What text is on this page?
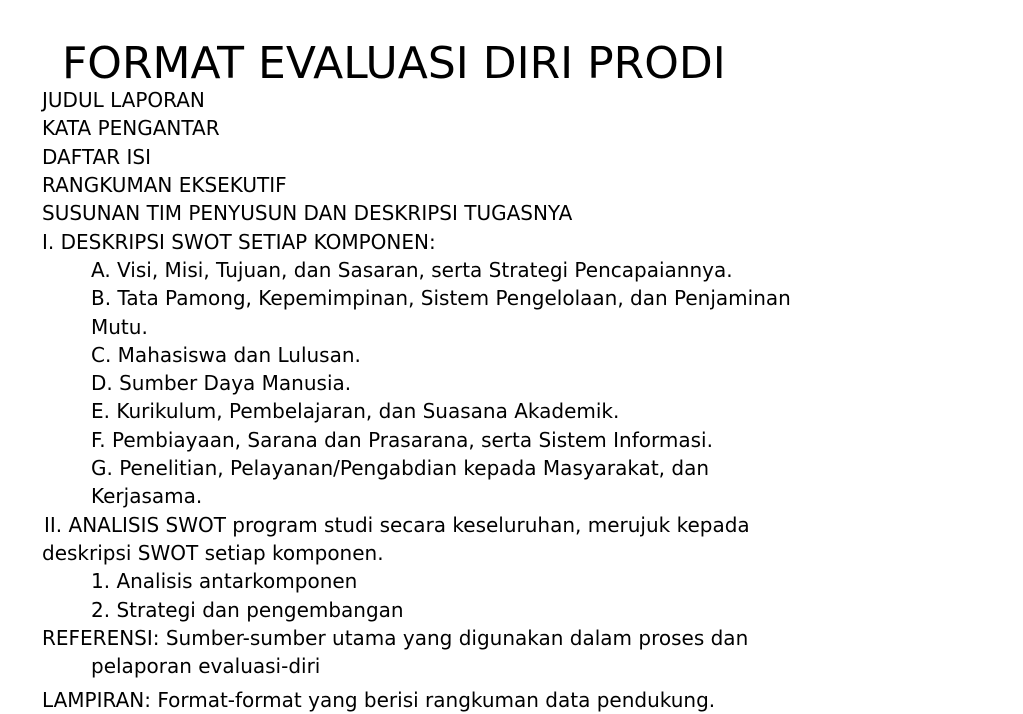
FORMAT EVALUASI DIRI PRODI
JUDUL LAPORAN
KATA PENGANTAR
DAFTAR ISI
RANGKUMAN EKSEKUTIF
SUSUNAN TIM PENYUSUN DAN DESKRIPSI TUGASNYA
I. DESKRIPSI SWOT SETIAP KOMPONEN:
A. Visi, Misi, Tujuan, dan Sasaran, serta Strategi Pencapaiannya.
B. Tata Pamong, Kepemimpinan, Sistem Pengelolaan, dan Penjaminan
Mutu.
C. Mahasiswa dan Lulusan.
D. Sumber Daya Manusia.
E. Kurikulum, Pembelajaran, dan Suasana Akademik.
F. Pembiayaan, Sarana dan Prasarana, serta Sistem Informasi.
G. Penelitian, Pelayanan/Pengabdian kepada Masyarakat, dan
Kerjasama.
II. ANALISIS SWOT program studi secara keseluruhan, merujuk kepada
deskripsi SWOT setiap komponen.
1. Analisis antarkomponen
2. Strategi dan pengembangan
REFERENSI: Sumber-sumber utama yang digunakan dalam proses dan
pelaporan evaluasi-diri
LAMPIRAN: Format-format yang berisi rangkuman data pendukung.
